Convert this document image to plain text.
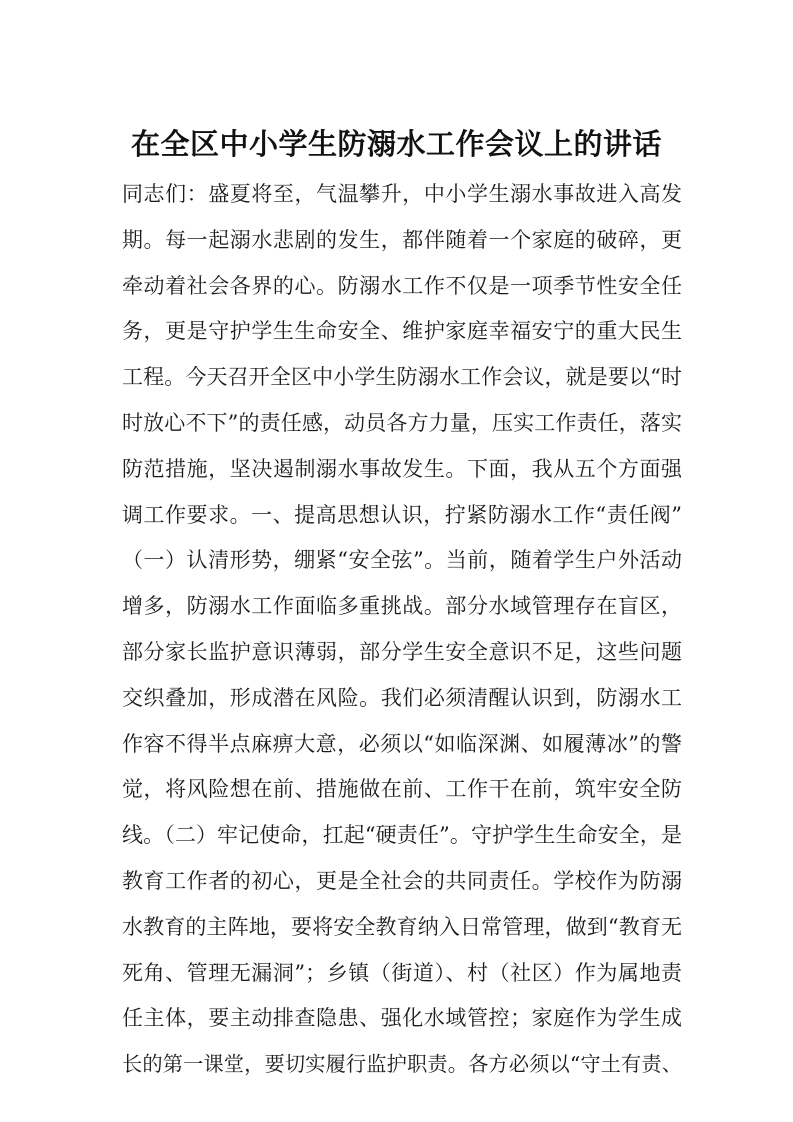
在全区中小学生防溺水工作会议上的讲话
同志们：盛夏将至，气温攀升，中小学生溺水事故进入高发
期。每一起溺水悲剧的发生，都伴随着一个家庭的破碎，更
牵动着社会各界的心。防溺水工作不仅是一项季节性安全任
务，更是守护学生生命安全、维护家庭幸福安宁的重大民生
工程。今天召开全区中小学生防溺水工作会议，就是要以“时
时放心不下”的责任感，动员各方力量，压实工作责任，落实
防范措施，坚决遏制溺水事故发生。下面，我从五个方面强
调工作要求。一、提高思想认识，拧紧防溺水工作“责任阀”
（一）认清形势，绷紧“安全弦”。当前，随着学生户外活动
增多，防溺水工作面临多重挑战。部分水域管理存在盲区，
部分家长监护意识薄弱，部分学生安全意识不足，这些问题
交织叠加，形成潜在风险。我们必须清醒认识到，防溺水工
作容不得半点麻痹大意，必须以“如临深渊、如履薄冰”的警
觉，将风险想在前、措施做在前、工作干在前，筑牢安全防
线。（二）牢记使命，扛起“硬责任”。守护学生生命安全，是
教育工作者的初心，更是全社会的共同责任。学校作为防溺
水教育的主阵地，要将安全教育纳入日常管理，做到“教育无
死角、管理无漏洞”；乡镇（街道）、村（社区）作为属地责
任主体，要主动排查隐患、强化水域管控；家庭作为学生成
长的第一课堂，要切实履行监护职责。各方必须以“守土有责、
